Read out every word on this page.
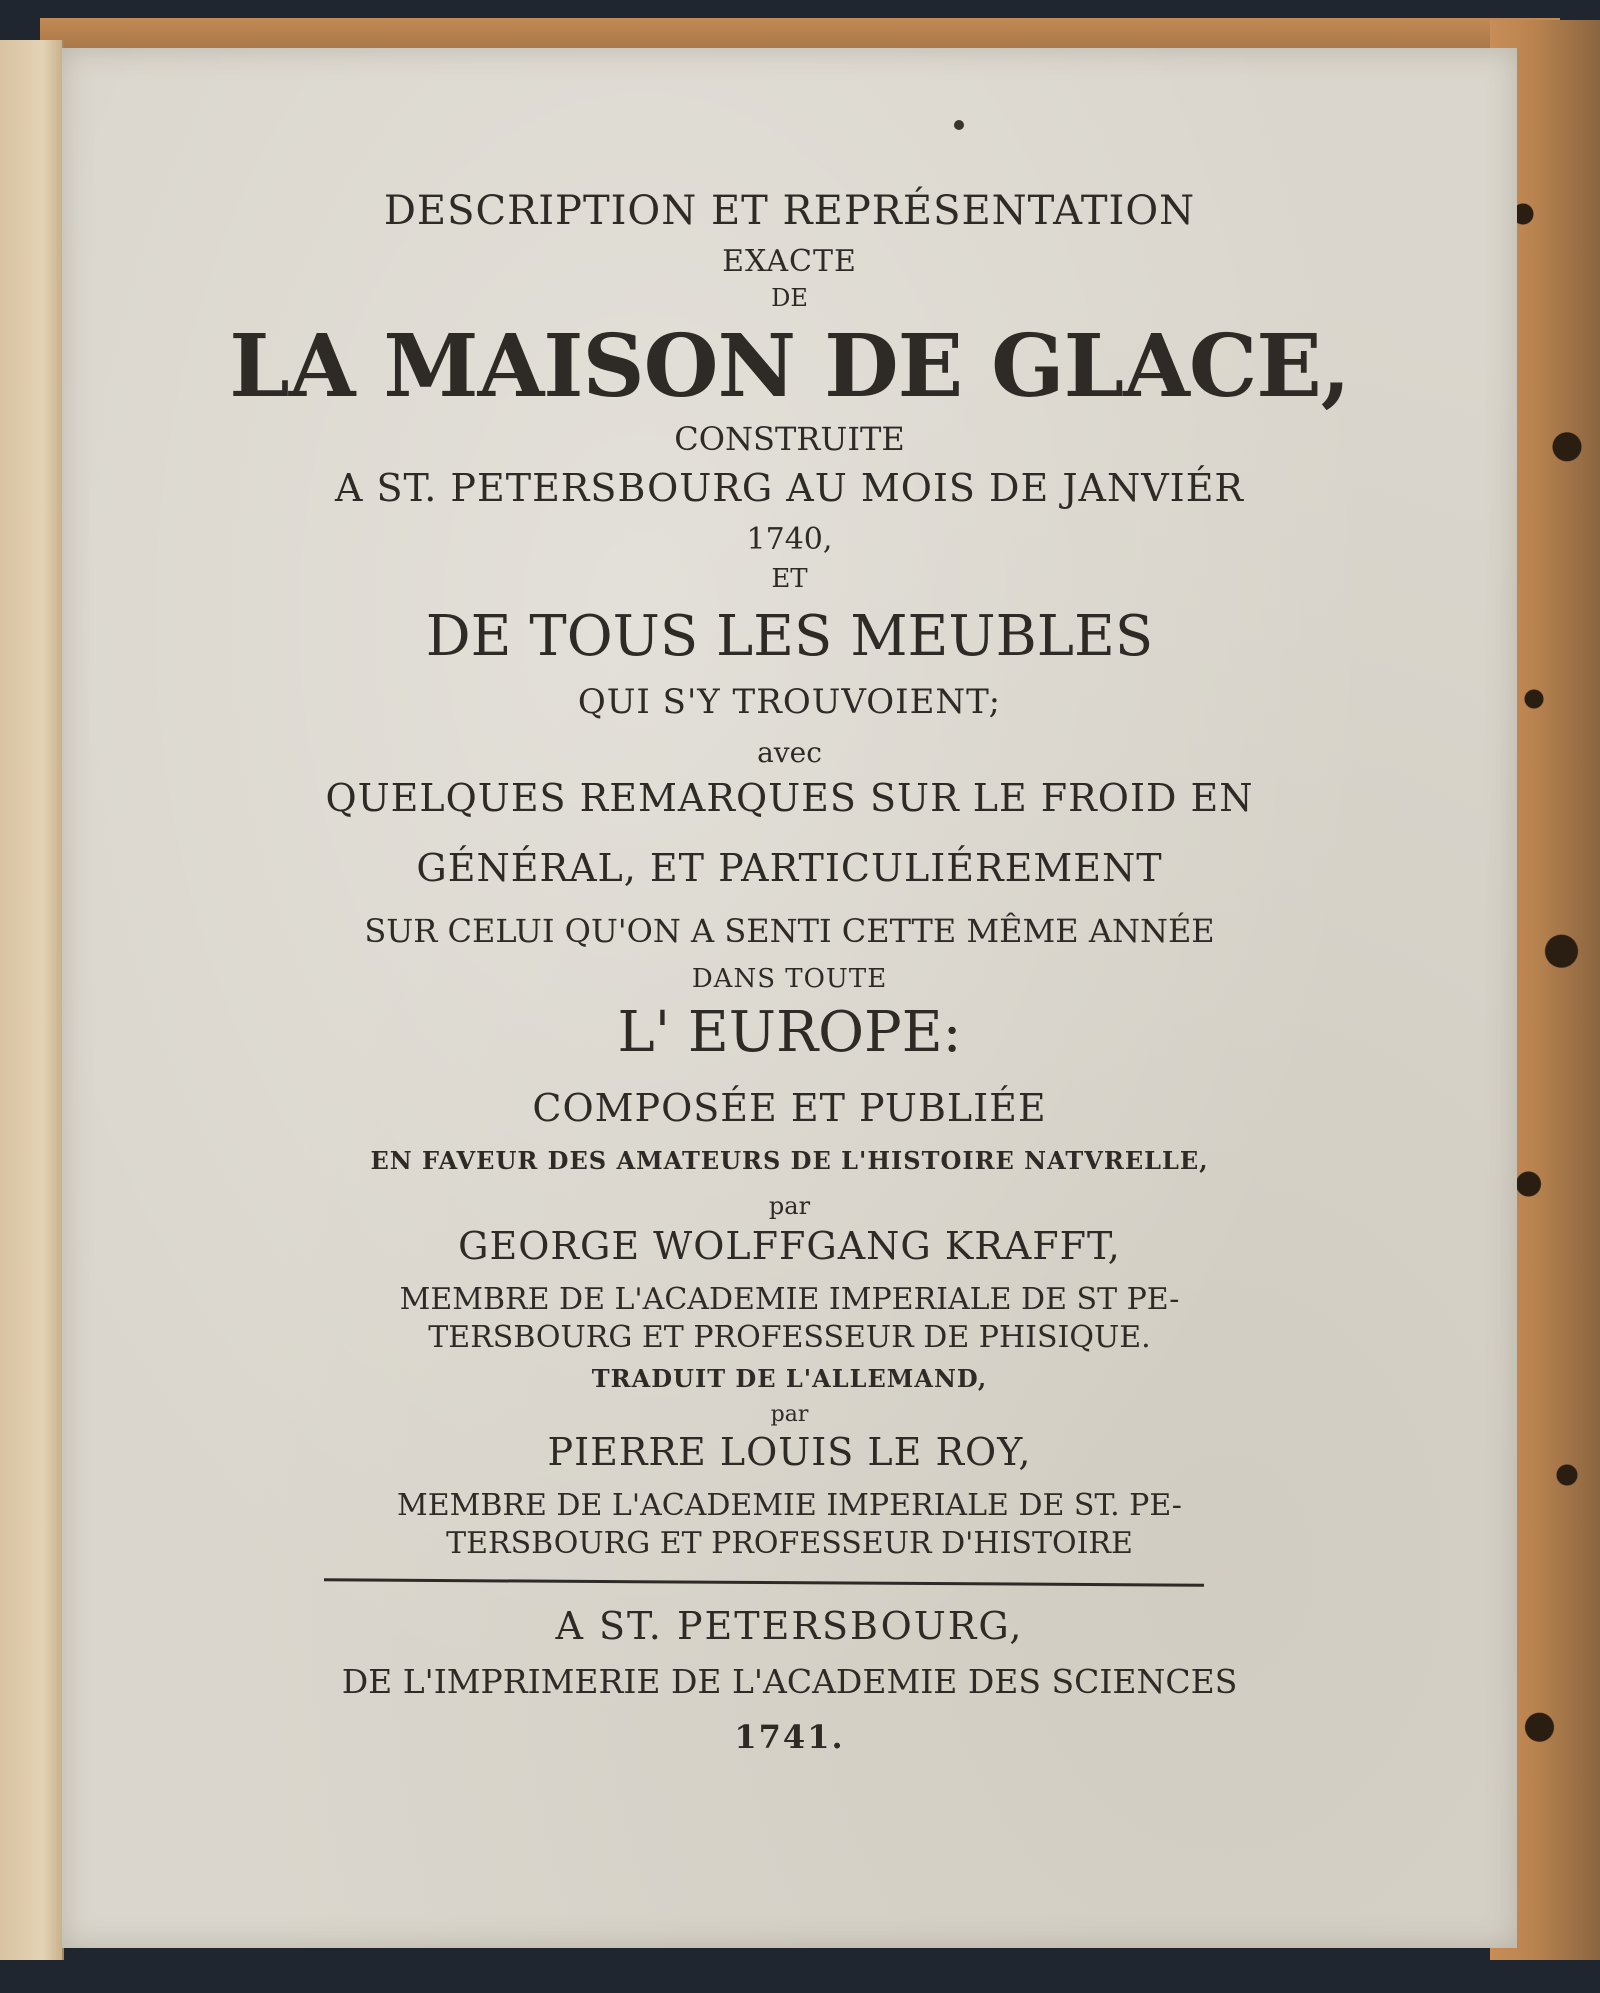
DESCRIPTION ET REPRÉSENTATION
EXACTE
DE
LA MAISON DE GLACE,
CONSTRUITE
A ST. PETERSBOURG AU MOIS DE JANVIÉR
1740,
ET
DE TOUS LES MEUBLES
QUI S'Y TROUVOIENT;
avec
QUELQUES REMARQUES SUR LE FROID EN
GÉNÉRAL, ET PARTICULIÉREMENT
SUR CELUI QU'ON A SENTI CETTE MÊME ANNÉE
DANS TOUTE
L' EUROPE:
COMPOSÉE ET PUBLIÉE
EN FAVEUR DES AMATEURS DE L'HISTOIRE NATVRELLE,
par
GEORGE WOLFFGANG KRAFFT,
MEMBRE DE L'ACADEMIE IMPERIALE DE ST PE-
TERSBOURG ET PROFESSEUR DE PHISIQUE.
TRADUIT DE L'ALLEMAND,
par
PIERRE LOUIS LE ROY,
MEMBRE DE L'ACADEMIE IMPERIALE DE ST. PE-
TERSBOURG ET PROFESSEUR D'HISTOIRE
A ST. PETERSBOURG,
DE L'IMPRIMERIE DE L'ACADEMIE DES SCIENCES
1741.
